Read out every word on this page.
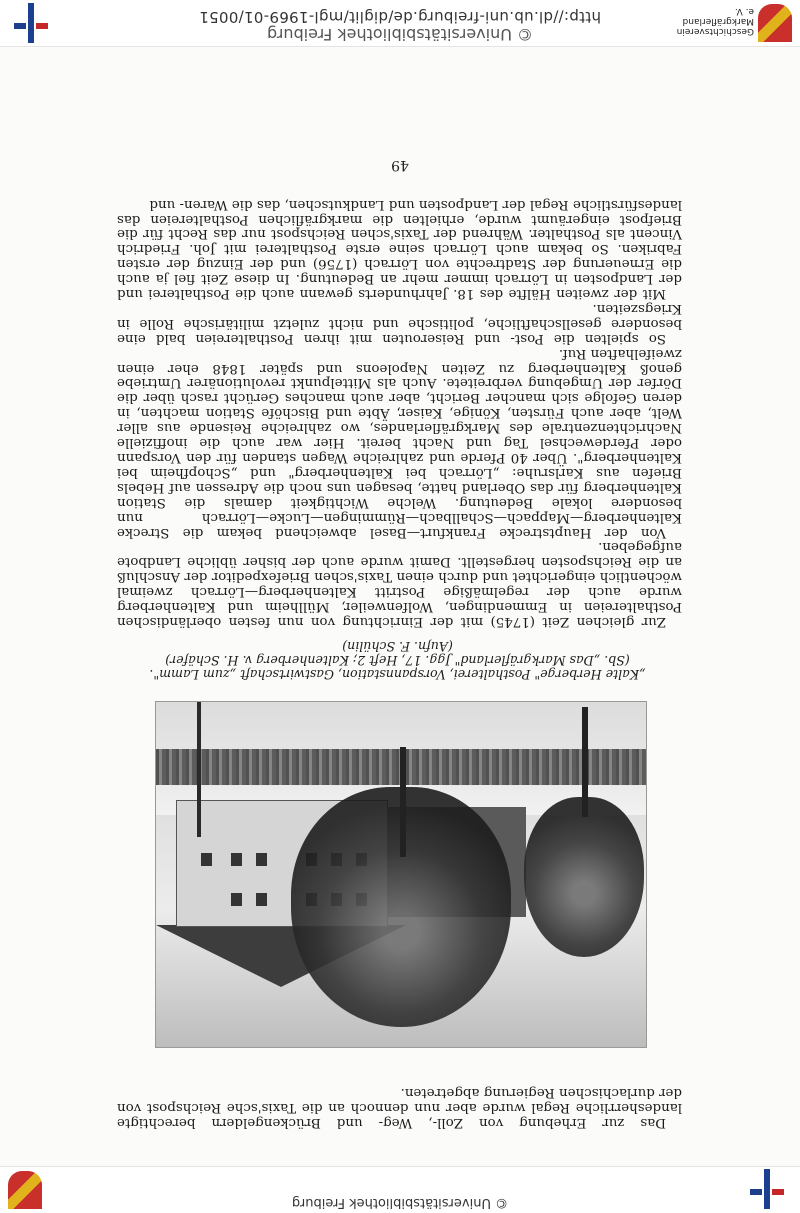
© Universitätsbibliothek Freiburg

Das zur Erhebung von Zoll-, Weg- und Brückengeldern berechtigte landesherrliche Regal wurde aber nun dennoch an die Taxis'sche Reichspost von der durlachischen Regierung abgetreten.

„Kalte Herberge" Posthalterei, Vorspannstation, Gastwirtschaft „zum Lamm".
(Sb. „Das Markgräflerland" Jgg. 17, Heft 2; Kaltenherberg v. H. Schäfer)
(Aufn. F. Schülin)

Zur gleichen Zeit (1745) mit der Einrichtung von nun festen oberländischen Posthaltereien in Emmendingen, Wolfenweiler, Müllheim und Kaltenherberg wurde auch der regelmäßige Postritt Kaltenherberg—Lörrach zweimal wöchentlich eingerichtet und durch einen Taxis'schen Briefexpeditor der Anschluß an die Reichsposten hergestellt. Damit wurde auch der bisher übliche Landbote aufgegeben.

Von der Hauptstrecke Frankfurt—Basel abweichend bekam die Strecke Kaltenherberg—Mappach—Schallbach—Rümmingen—Lucke—Lörrach nun besondere lokale Bedeutung. Welche Wichtigkeit damals die Station Kaltenherberg für das Oberland hatte, besagen uns noch die Adressen auf Hebels Briefen aus Karlsruhe: „Lörrach bei Kaltenherberg" und „Schopfheim bei Kaltenherberg". Über 40 Pferde und zahlreiche Wagen standen für den Vorspann oder Pferdewechsel Tag und Nacht bereit. Hier war auch die inoffizielle Nachrichtenzentrale des Markgräflerlandes, wo zahlreiche Reisende aus aller Welt, aber auch Fürsten, Könige, Kaiser, Äbte und Bischöfe Station machten, in deren Gefolge sich mancher Bericht, aber auch manches Gerücht rasch über die Dörfer der Umgebung verbreitete. Auch als Mittelpunkt revolutionärer Umtriebe genoß Kaltenherberg zu Zeiten Napoleons und später 1848 eher einen zweifelhaften Ruf.

So spielten die Post- und Reiserouten mit ihren Posthaltereien bald eine besondere gesellschaftliche, politische und nicht zuletzt militärische Rolle in Kriegszeiten.

Mit der zweiten Hälfte des 18. Jahrhunderts gewann auch die Posthalterei und der Landposten in Lörrach immer mehr an Bedeutung. In diese Zeit fiel ja auch die Erneuerung der Stadtrechte von Lörrach (1756) und der Einzug der ersten Fabriken. So bekam auch Lörrach seine erste Posthalterei mit Joh. Friedrich Vincent als Posthalter. Während der Taxis'schen Reichspost nur das Recht für die Briefpost eingeräumt wurde, erhielten die markgräflichen Posthaltereien das landesfürstliche Regal der Landposten und Landkutschen, das die Waren- und

49
© Universitätsbibliothek Freiburg
http://dl.ub.uni-freiburg.de/diglit/mgl-1969-01/0051
Geschichtsverein Markgräflerland e. V.
